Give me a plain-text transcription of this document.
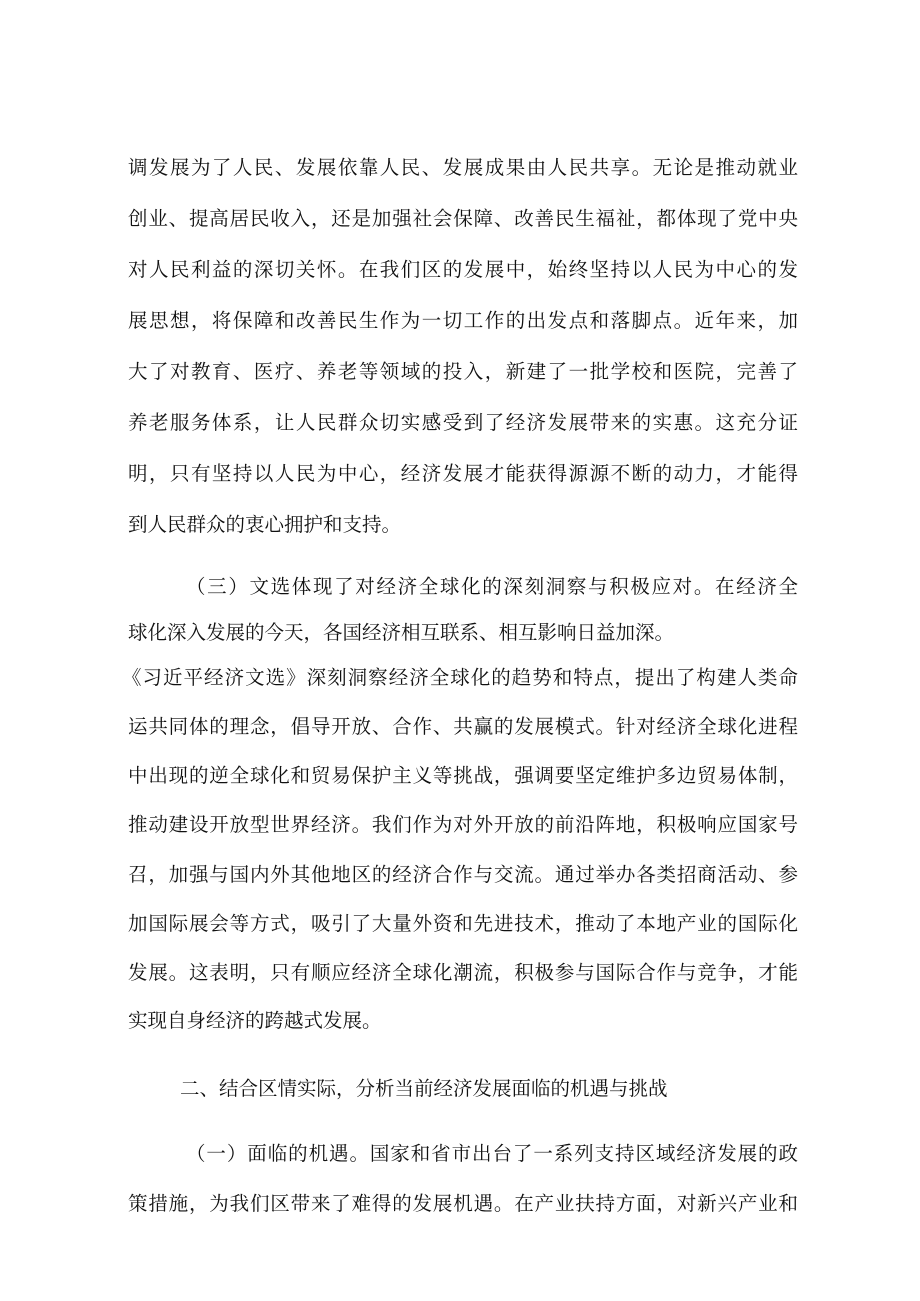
调发展为了人民、发展依靠人民、发展成果由人民共享。无论是推动就业
创业、提高居民收入，还是加强社会保障、改善民生福祉，都体现了党中央
对人民利益的深切关怀。在我们区的发展中，始终坚持以人民为中心的发
展思想，将保障和改善民生作为一切工作的出发点和落脚点。近年来，加
大了对教育、医疗、养老等领域的投入，新建了一批学校和医院，完善了
养老服务体系，让人民群众切实感受到了经济发展带来的实惠。这充分证
明，只有坚持以人民为中心，经济发展才能获得源源不断的动力，才能得
到人民群众的衷心拥护和支持。
（三）文选体现了对经济全球化的深刻洞察与积极应对。在经济全
球化深入发展的今天，各国经济相互联系、相互影响日益加深。
《习近平经济文选》深刻洞察经济全球化的趋势和特点，提出了构建人类命
运共同体的理念，倡导开放、合作、共赢的发展模式。针对经济全球化进程
中出现的逆全球化和贸易保护主义等挑战，强调要坚定维护多边贸易体制，
推动建设开放型世界经济。我们作为对外开放的前沿阵地，积极响应国家号
召，加强与国内外其他地区的经济合作与交流。通过举办各类招商活动、参
加国际展会等方式，吸引了大量外资和先进技术，推动了本地产业的国际化
发展。这表明，只有顺应经济全球化潮流，积极参与国际合作与竞争，才能
实现自身经济的跨越式发展。
二、结合区情实际，分析当前经济发展面临的机遇与挑战
（一）面临的机遇。国家和省市出台了一系列支持区域经济发展的政
策措施，为我们区带来了难得的发展机遇。在产业扶持方面，对新兴产业和
